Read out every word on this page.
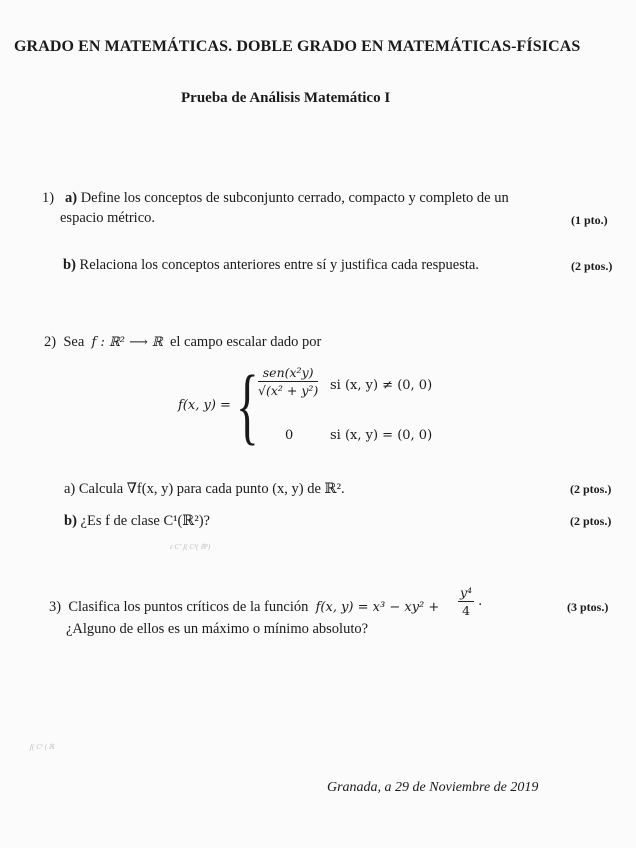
GRADO EN MATEMÁTICAS. DOBLE GRADO EN MATEMÁTICAS-FÍSICAS
Prueba de Análisis Matemático I
1) a) Define los conceptos de subconjunto cerrado, compacto y completo de un
espacio métrico.	(1 pto.)
b) Relaciona los conceptos anteriores entre sí y justifica cada respuesta.	(2 ptos.)
2) Sea f : ℝ² ⟶ ℝ el campo escalar dado por
f(x, y) = { $\frac{\text{sen(x²y)}}{\text{√(x² + y²)}}$ si (x, y) ≠ (0, 0)
0	si (x, y) = (0, 0)
a) Calcula ∇f(x, y) para cada punto (x, y) de ℝ².	(2 ptos.)
b) ¿Es f de clase C¹(ℝ²)?	(2 ptos.)
ε Cʼ ʃ( C¹( ℝ²)
3) Clasifica los puntos críticos de la función f(x, $y) = x^3 - xy^2 + \frac{\text{y⁴}}{4}$ .	(3 ptos.)
¿Alguno de ellos es un máximo o mínimo absoluto?
ʃ( C¹ ( ℝ
Granada, a 29 de Noviembre de 2019
